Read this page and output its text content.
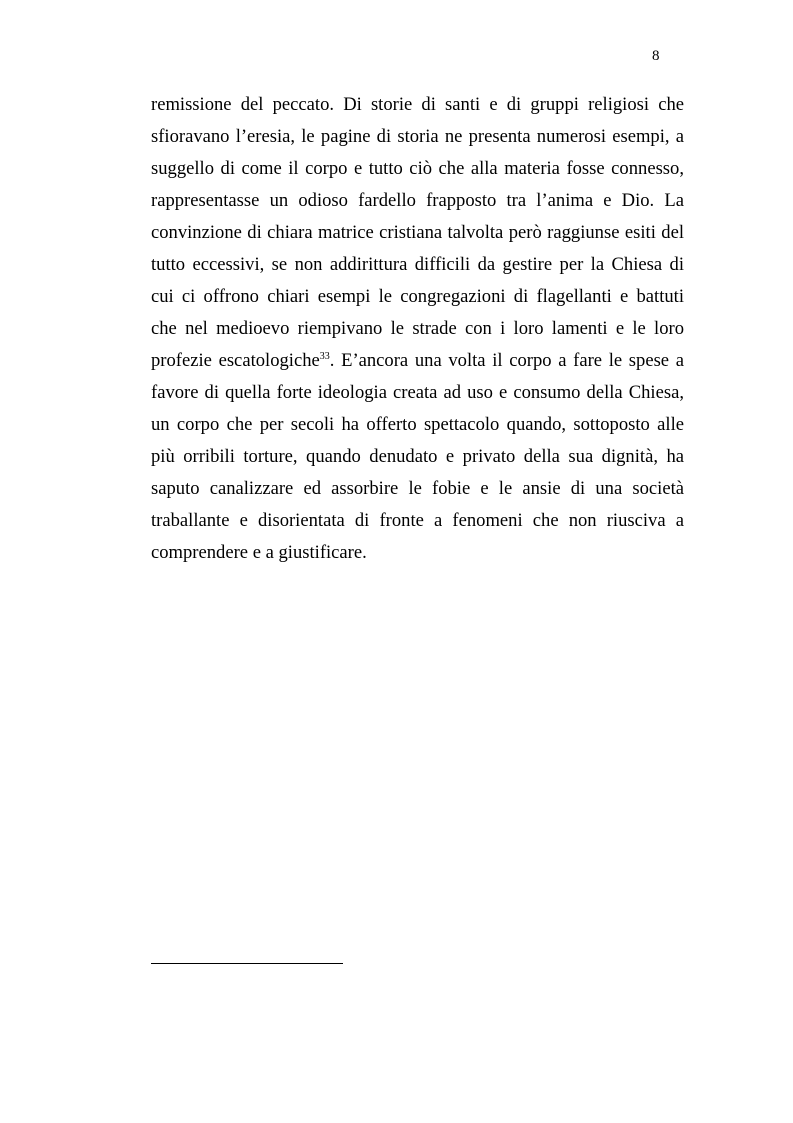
8
remissione del peccato. Di storie di santi e di gruppi religiosi che
sfioravano l’eresia, le pagine di storia ne presenta numerosi esempi, a
suggello di come il corpo e tutto ciò che alla materia fosse connesso,
rappresentasse un odioso fardello frapposto tra l’anima e Dio. La
convinzione di chiara matrice cristiana talvolta però raggiunse esiti del
tutto eccessivi, se non addirittura difficili da gestire per la Chiesa di
cui ci offrono chiari esempi le congregazioni di flagellanti e battuti
che nel medioevo riempivano le strade con i loro lamenti e le loro
profezie escatologiche$^{33}$. E’ancora una volta il corpo a fare le spese a
favore di quella forte ideologia creata ad uso e consumo della Chiesa,
un corpo che per secoli ha offerto spettacolo quando, sottoposto alle
più orribili torture, quando denudato e privato della sua dignità, ha
saputo canalizzare ed assorbire le fobie e le ansie di una società
traballante e disorientata di fronte a fenomeni che non riusciva a
comprendere e a giustificare.
